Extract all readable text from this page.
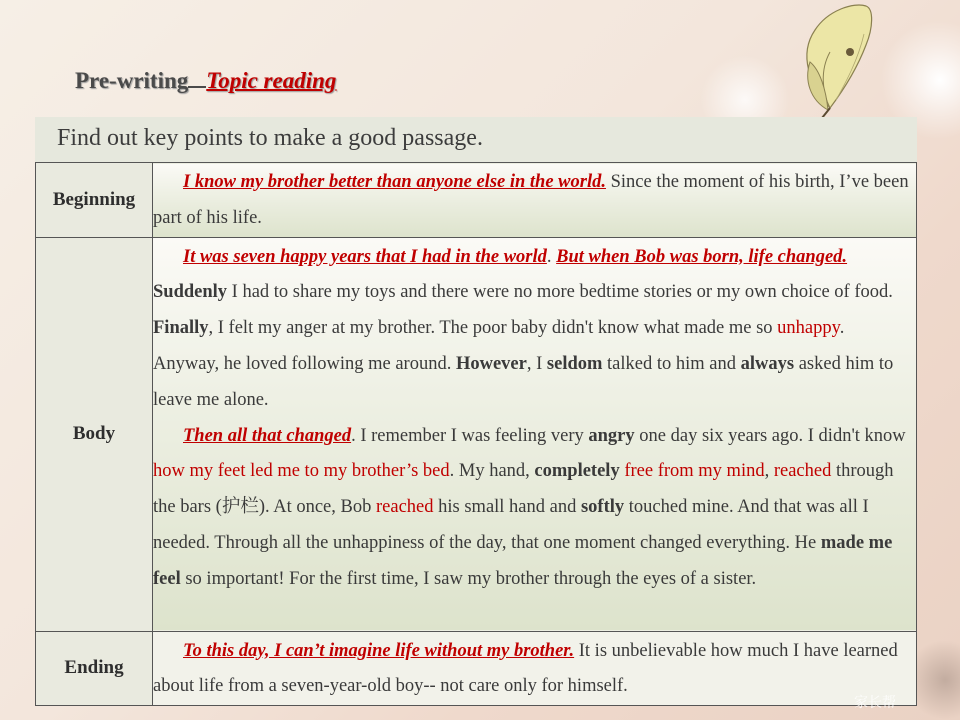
Pre-writing Topic reading
Find out key points to make a good passage.
Beginning	I know my brother better than anyone else in the world. Since the moment of his birth, I’ve been part of his life.

Body	It was seven happy years that I had in the world. But when Bob was born, life changed. Suddenly I had to share my toys and there were no more bedtime stories or my own choice of food. Finally, I felt my anger at my brother. The poor baby didn't know what made me so unhappy. Anyway, he loved following me around. However, I seldom talked to him and always asked him to leave me alone.

Then all that changed. I remember I was feeling very angry one day six years ago. I didn't know how my feet led me to my brother’s bed. My hand, completely free from my mind, reached through the bars (护栏). At once, Bob reached his small hand and softly touched mine. And that was all I needed. Through all the unhappiness of the day, that one moment changed everything. He made me feel so important! For the first time, I saw my brother through the eyes of a sister.

Ending	To this day, I can’t imagine life without my brother. It is unbelievable how much I have learned about life from a seven-year-old boy-- not care only for himself.

家长帮
